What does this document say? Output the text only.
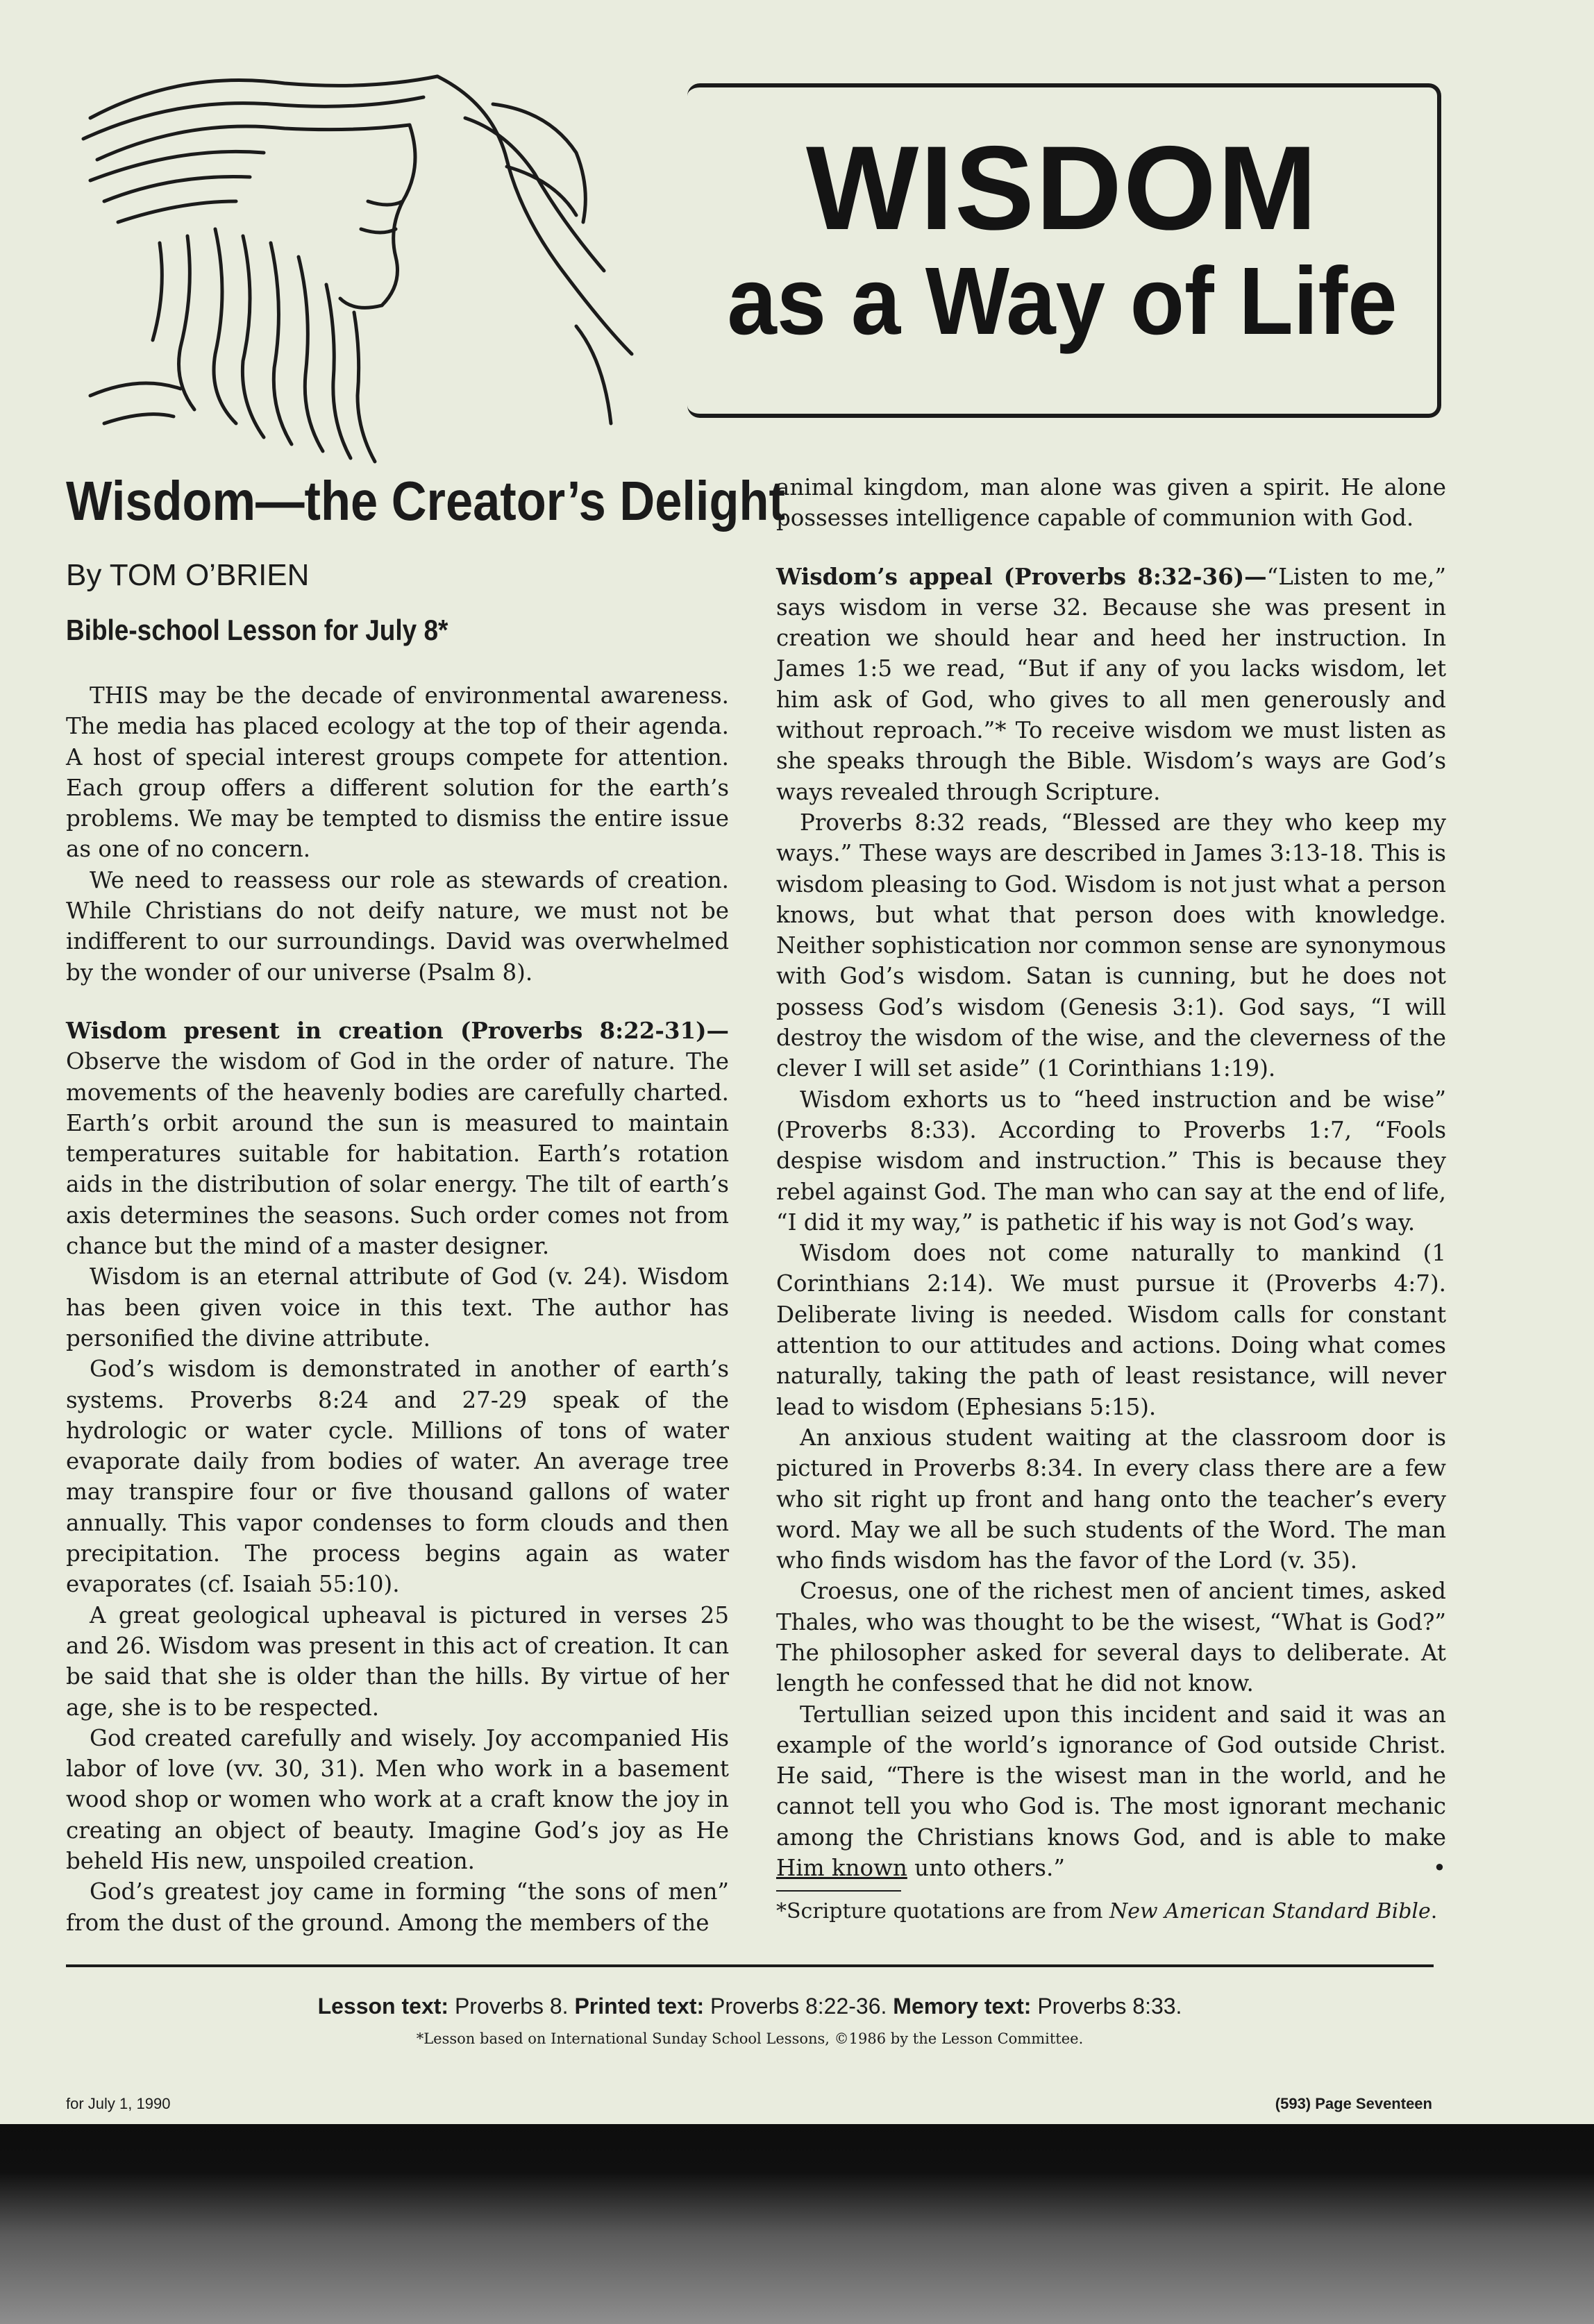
WISDOM
as a Way of Life
Wisdom—the Creator’s Delight
By TOM O’BRIEN
Bible-school Lesson for July 8*

THIS may be the decade of environmental awareness. The media has placed ecology at the top of their agenda. A host of special interest groups compete for attention. Each group offers a different solution for the earth’s problems. We may be tempted to dismiss the entire issue as one of no concern.

We need to reassess our role as stewards of creation. While Christians do not deify nature, we must not be indifferent to our surroundings. David was overwhelmed by the wonder of our universe (Psalm 8).

Wisdom present in creation (Proverbs 8:22-31)—Observe the wisdom of God in the order of nature. The movements of the heavenly bodies are carefully charted. Earth’s orbit around the sun is measured to maintain temperatures suitable for habitation. Earth’s rotation aids in the distribution of solar energy. The tilt of earth’s axis determines the seasons. Such order comes not from chance but the mind of a master designer.

Wisdom is an eternal attribute of God (v. 24). Wisdom has been given voice in this text. The author has personified the divine attribute.

God’s wisdom is demonstrated in another of earth’s systems. Proverbs 8:24 and 27-29 speak of the hydrologic or water cycle. Millions of tons of water evaporate daily from bodies of water. An average tree may transpire four or five thousand gallons of water annually. This vapor condenses to form clouds and then precipitation. The process begins again as water evaporates (cf. Isaiah 55:10).

A great geological upheaval is pictured in verses 25 and 26. Wisdom was present in this act of creation. It can be said that she is older than the hills. By virtue of her age, she is to be respected.

God created carefully and wisely. Joy accompanied His labor of love (vv. 30, 31). Men who work in a basement wood shop or women who work at a craft know the joy in creating an object of beauty. Imagine God’s joy as He beheld His new, unspoiled creation.

God’s greatest joy came in forming “the sons of men” from the dust of the ground. Among the members of the

animal kingdom, man alone was given a spirit. He alone possesses intelligence capable of communion with God.

Wisdom’s appeal (Proverbs 8:32-36)—“Listen to me,” says wisdom in verse 32. Because she was present in creation we should hear and heed her instruction. In James 1:5 we read, “But if any of you lacks wisdom, let him ask of God, who gives to all men generously and without reproach.”* To receive wisdom we must listen as she speaks through the Bible. Wisdom’s ways are God’s ways revealed through Scripture.

Proverbs 8:32 reads, “Blessed are they who keep my ways.” These ways are described in James 3:13-18. This is wisdom pleasing to God. Wisdom is not just what a person knows, but what that person does with knowledge. Neither sophistication nor common sense are synonymous with God’s wisdom. Satan is cunning, but he does not possess God’s wisdom (Genesis 3:1). God says, “I will destroy the wisdom of the wise, and the cleverness of the clever I will set aside” (1 Corinthians 1:19).

Wisdom exhorts us to “heed instruction and be wise” (Proverbs 8:33). According to Proverbs 1:7, “Fools despise wisdom and instruction.” This is because they rebel against God. The man who can say at the end of life, “I did it my way,” is pathetic if his way is not God’s way.

Wisdom does not come naturally to mankind (1 Corinthians 2:14). We must pursue it (Proverbs 4:7). Deliberate living is needed. Wisdom calls for constant attention to our attitudes and actions. Doing what comes naturally, taking the path of least resistance, will never lead to wisdom (Ephesians 5:15).

An anxious student waiting at the classroom door is pictured in Proverbs 8:34. In every class there are a few who sit right up front and hang onto the teacher’s every word. May we all be such students of the Word. The man who finds wisdom has the favor of the Lord (v. 35).

Croesus, one of the richest men of ancient times, asked Thales, who was thought to be the wisest, “What is God?” The philosopher asked for several days to deliberate. At length he confessed that he did not know.

Tertullian seized upon this incident and said it was an example of the world’s ignorance of God outside Christ. He said, “There is the wisest man in the world, and he cannot tell you who God is. The most ignorant mechanic among the Christians knows God, and is able to make Him known unto others.”	•

*Scripture quotations are from New American Standard Bible.

Lesson text: Proverbs 8. Printed text: Proverbs 8:22-36. Memory text: Proverbs 8:33.
*Lesson based on International Sunday School Lessons, ©1986 by the Lesson Committee.
for July 1, 1990	(593) Page Seventeen
